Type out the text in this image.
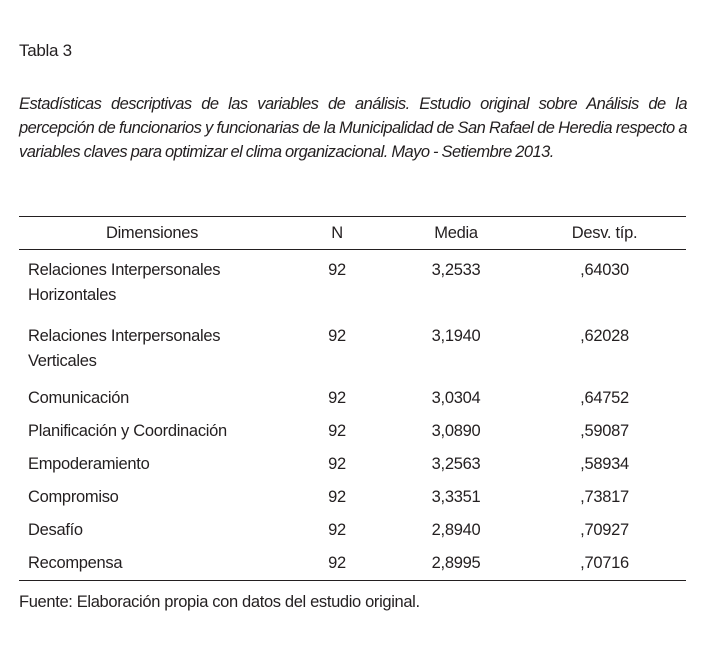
Tabla 3
Estadísticas descriptivas de las variables de análisis. Estudio original sobre Análisis de la percepción de funcionarios y funcionarias de la Municipalidad de San Rafael de Heredia respecto a variables claves para optimizar el clima organizacional. Mayo - Setiembre 2013.
Dimensiones	N	Media	Desv. típ.

Relaciones Interpersonales
Horizontales	92	3,2533	,64030

Relaciones Interpersonales
Verticales	92	3,1940	,62028
Comunicación	92	3,0304	,64752
Planificación y Coordinación	92	3,0890	,59087
Empoderamiento	92	3,2563	,58934
Compromiso	92	3,3351	,73817
Desafío	92	2,8940	,70927
Recompensa	92	2,8995	,70716
Fuente: Elaboración propia con datos del estudio original.
